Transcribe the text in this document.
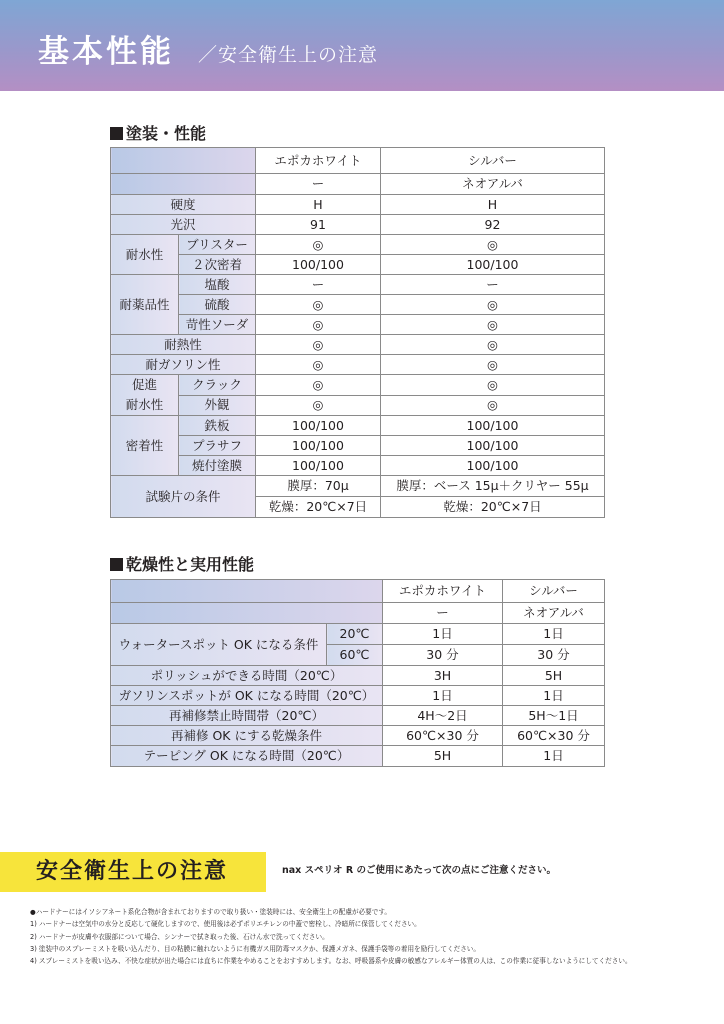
基本性能 ／安全衛生上の注意
塗装・性能
		エポカホワイト	シルバー
		ー	ネオアルバ
硬度		H	H
光沢		91	92
耐水性	ブリスター	◎	◎
	２次密着	100/100	100/100
耐薬品性	塩酸	ー	ー
	硫酸	◎	◎
	苛性ソーダ	◎	◎
耐熱性		◎	◎
耐ガソリン性		◎	◎
促進
耐水性	クラック	◎	◎
	外観	◎	◎
密着性	鉄板	100/100	100/100
	プラサフ	100/100	100/100
	焼付塗膜	100/100	100/100
試験片の条件		膜厚：70μ	膜厚：ベース 15μ＋クリヤー 55μ
		乾燥：20℃×7日	乾燥：20℃×7日
乾燥性と実用性能
		エポカホワイト	シルバー
		ー	ネオアルバ
ウォータースポット OK になる条件	20℃	1日	1日
	60℃	30 分	30 分
ポリッシュができる時間（20℃）		3H	5H
ガソリンスポットが OK になる時間（20℃）		1日	1日
再補修禁止時間帯（20℃）		4H〜2日	5H〜1日
再補修 OK にする乾燥条件		60℃×30 分	60℃×30 分
テーピング OK になる時間（20℃）		5H	1日
安全衛生上の注意	nax スペリオ R のご使用にあたって次の点にご注意ください。
●ハードナーにはイソシアネート系化合物が含まれておりますので取り扱い・塗装時には、安全衛生上の配慮が必要です。
1) ハードナーは空気中の水分と反応して硬化しますので、使用後は必ずポリエチレンの中蓋で密栓し、冷暗所に保管してください。
2) ハードナーが皮膚や衣服部について場合、シンナーで拭き取った後、石けん水で洗ってください。
3) 塗装中のスプレーミストを吸い込んだり、目の粘膜に触れないように有機ガス用防毒マスクか、保護メガネ、保護手袋等の着用を励行してください。
4) スプレーミストを吸い込み、不快な症状が出た場合には直ちに作業をやめることをおすすめします。なお、呼吸器系や皮膚の敏感なアレルギー体質の人は、この作業に従事しないようにしてください。
